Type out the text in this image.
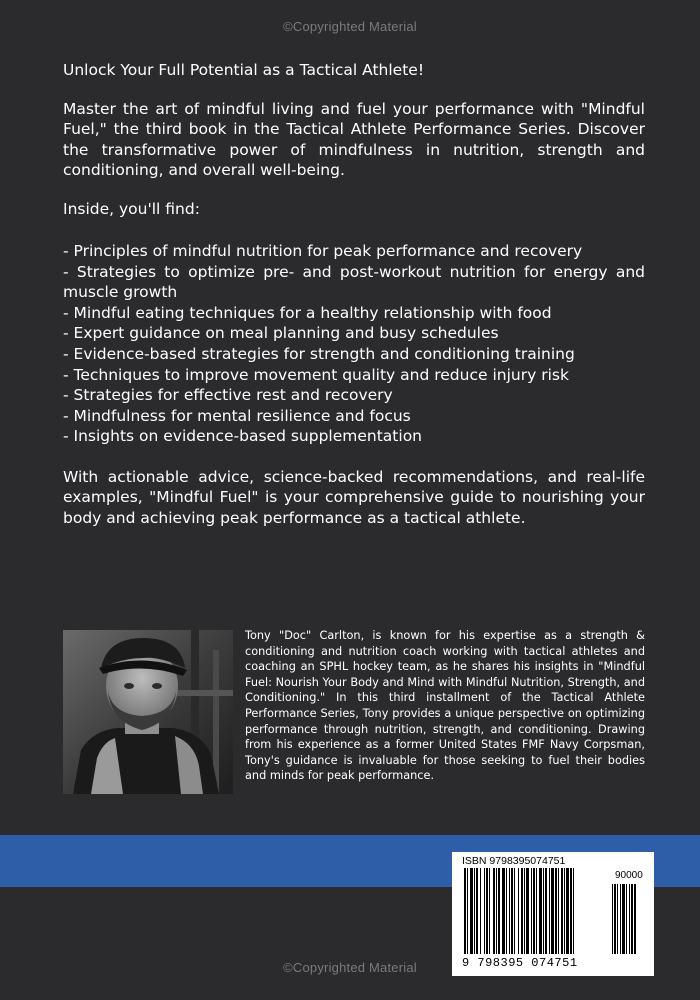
©Copyrighted Material

Unlock Your Full Potential as a Tactical Athlete!

Master the art of mindful living and fuel your performance with "Mindful Fuel," the third book in the Tactical Athlete Performance Series. Discover the transformative power of mindfulness in nutrition, strength and conditioning, and overall well-being.

Inside, you'll find:

- Principles of mindful nutrition for peak performance and recovery
- Strategies to optimize pre- and post-workout nutrition for energy and muscle growth
- Mindful eating techniques for a healthy relationship with food
- Expert guidance on meal planning and busy schedules
- Evidence-based strategies for strength and conditioning training
- Techniques to improve movement quality and reduce injury risk
- Strategies for effective rest and recovery
- Mindfulness for mental resilience and focus
- Insights on evidence-based supplementation

With actionable advice, science-backed recommendations, and real-life examples, "Mindful Fuel" is your comprehensive guide to nourishing your body and achieving peak performance as a tactical athlete.

Tony "Doc" Carlton, is known for his expertise as a strength & conditioning and nutrition coach working with tactical athletes and coaching an SPHL hockey team, as he shares his insights in "Mindful Fuel: Nourish Your Body and Mind with Mindful Nutrition, Strength, and Conditioning." In this third installment of the Tactical Athlete Performance Series, Tony provides a unique perspective on optimizing performance through nutrition, strength, and conditioning. Drawing from his experience as a former United States FMF Navy Corpsman, Tony's guidance is invaluable for those seeking to fuel their bodies and minds for peak performance.

ISBN 9798395074751
90000
9 798395 074751
©Copyrighted Material
